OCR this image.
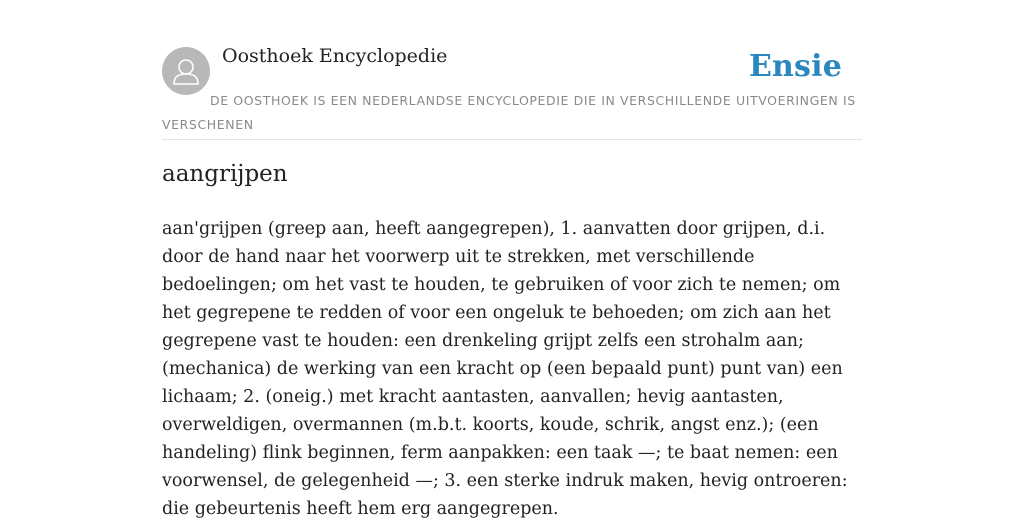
Oosthoek Encyclopedie	Ensie
DE OOSTHOEK IS EEN NEDERLANDSE ENCYCLOPEDIE DIE IN VERSCHILLENDE UITVOERINGEN IS VERSCHENEN
aangrijpen

aan'grijpen (greep aan, heeft aangegrepen), 1. aanvatten door grijpen, d.i. door de hand naar het voorwerp uit te strekken, met verschillende bedoelingen; om het vast te houden, te gebruiken of voor zich te nemen; om het gegrepene te redden of voor een ongeluk te behoeden; om zich aan het gegrepene vast te houden: een drenkeling grijpt zelfs een strohalm aan; (mechanica) de werking van een kracht op (een bepaald punt) punt van) een lichaam; 2. (oneig.) met kracht aantasten, aanvallen; hevig aantasten, overweldigen, overmannen (m.b.t. koorts, koude, schrik, angst enz.); (een handeling) flink beginnen, ferm aanpakken: een taak —; te baat nemen: een voorwensel, de gelegenheid —; 3. een sterke indruk maken, hevig ontroeren: die gebeurtenis heeft hem erg aangegrepen.
